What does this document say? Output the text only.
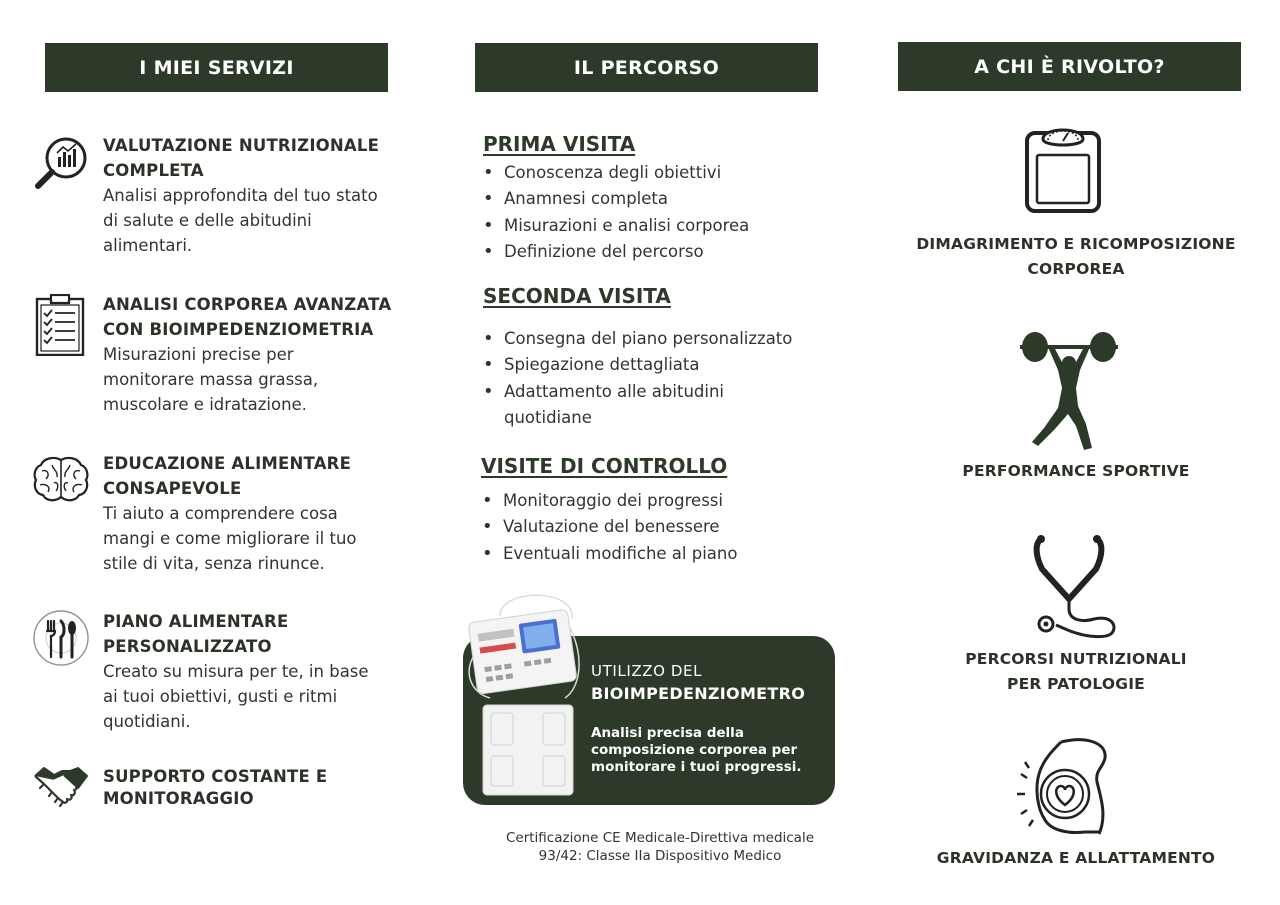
I MIEI SERVIZI	IL PERCORSO	A CHI È RIVOLTO?
VALUTAZIONE NUTRIZIONALE
COMPLETA
Analisi approfondita del tuo stato
di salute e delle abitudini
alimentari.
ANALISI CORPOREA AVANZATA
CON BIOIMPEDENZIOMETRIA
Misurazioni precise per
monitorare massa grassa,
muscolare e idratazione.
EDUCAZIONE ALIMENTARE
CONSAPEVOLE
Ti aiuto a comprendere cosa
mangi e come migliorare il tuo
stile di vita, senza rinunce.
PIANO ALIMENTARE
PERSONALIZZATO
Creato su misura per te, in base
ai tuoi obiettivi, gusti e ritmi
quotidiani.
SUPPORTO COSTANTE E
MONITORAGGIO
PRIMA VISITA
• Conoscenza degli obiettivi
• Anamnesi completa
• Misurazioni e analisi corporea
• Definizione del percorso
SECONDA VISITA
• Consegna del piano personalizzato
• Spiegazione dettagliata
• Adattamento alle abitudini quotidiane
VISITE DI CONTROLLO
• Monitoraggio dei progressi
• Valutazione del benessere
• Eventuali modifiche al piano
UTILIZZO DEL
BIOIMPEDENZIOMETRO
Analisi precisa della
composizione corporea per
monitorare i tuoi progressi.
Certificazione CE Medicale-Direttiva medicale
93/42: Classe IIa Dispositivo Medico
DIMAGRIMENTO E RICOMPOSIZIONE
CORPOREA
PERFORMANCE SPORTIVE
PERCORSI NUTRIZIONALI
PER PATOLOGIE
GRAVIDANZA E ALLATTAMENTO
